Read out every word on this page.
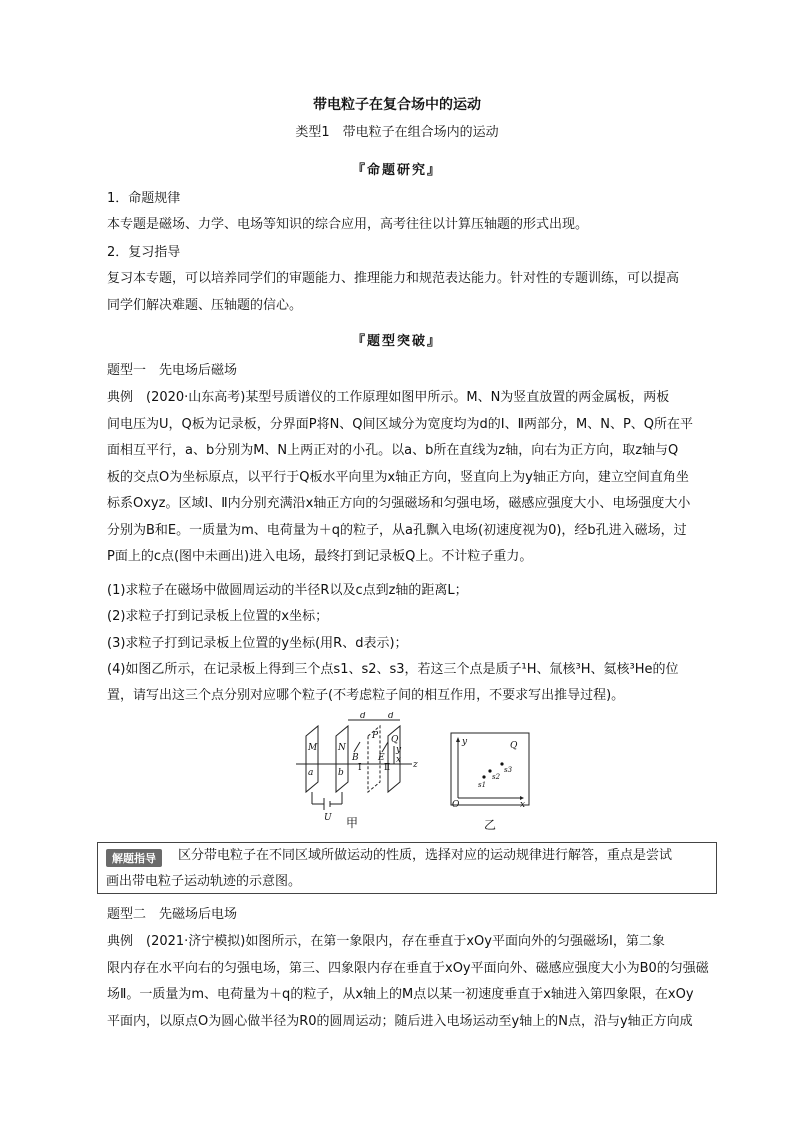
带电粒子在复合场中的运动
类型1　带电粒子在组合场内的运动
『命题研究』
1．命题规律
本专题是磁场、力学、电场等知识的综合应用，高考往往以计算压轴题的形式出现。
2．复习指导
复习本专题，可以培养同学们的审题能力、推理能力和规范表达能力。针对性的专题训练，可以提高
同学们解决难题、压轴题的信心。
『题型突破』
题型一　先电场后磁场
典例　(2020·山东高考)某型号质谱仪的工作原理如图甲所示。M、N为竖直放置的两金属板，两板
间电压为U，Q板为记录板，分界面P将N、Q间区域分为宽度均为d的Ⅰ、Ⅱ两部分，M、N、P、Q所在平
面相互平行，a、b分别为M、N上两正对的小孔。以a、b所在直线为z轴，向右为正方向，取z轴与Q
板的交点O为坐标原点，以平行于Q板水平向里为x轴正方向，竖直向上为y轴正方向，建立空间直角坐
标系Oxyz。区域Ⅰ、Ⅱ内分别充满沿x轴正方向的匀强磁场和匀强电场，磁感应强度大小、电场强度大小
分别为B和E。一质量为m、电荷量为＋q的粒子，从a孔飘入电场(初速度视为0)，经b孔进入磁场，过
P面上的c点(图中未画出)进入电场，最终打到记录板Q上。不计粒子重力。
(1)求粒子在磁场中做圆周运动的半径R以及c点到z轴的距离L；
(2)求粒子打到记录板上位置的x坐标；
(3)求粒子打到记录板上位置的y坐标(用R、d表示)；
(4)如图乙所示，在记录板上得到三个点s1、s2、s3，若这三个点是质子¹H、氚核³H、氦核³He的位
置，请写出这三个点分别对应哪个粒子(不考虑粒子间的相互作用，不要求写出推导过程)。
M N
P Q
a	b
B E
Ⅰ Ⅱ
d d
z
y
x
U 甲
y	Q
O	x
s1
s2
s3
乙
解题指导	区分带电粒子在不同区域所做运动的性质，选择对应的运动规律进行解答，重点是尝试
画出带电粒子运动轨迹的示意图。
题型二　先磁场后电场
典例　(2021·济宁模拟)如图所示，在第一象限内，存在垂直于xOy平面向外的匀强磁场Ⅰ，第二象
限内存在水平向右的匀强电场，第三、四象限内存在垂直于xOy平面向外、磁感应强度大小为B0的匀强磁
场Ⅱ。一质量为m、电荷量为＋q的粒子，从x轴上的M点以某一初速度垂直于x轴进入第四象限，在xOy
平面内，以原点O为圆心做半径为R0的圆周运动；随后进入电场运动至y轴上的N点，沿与y轴正方向成
